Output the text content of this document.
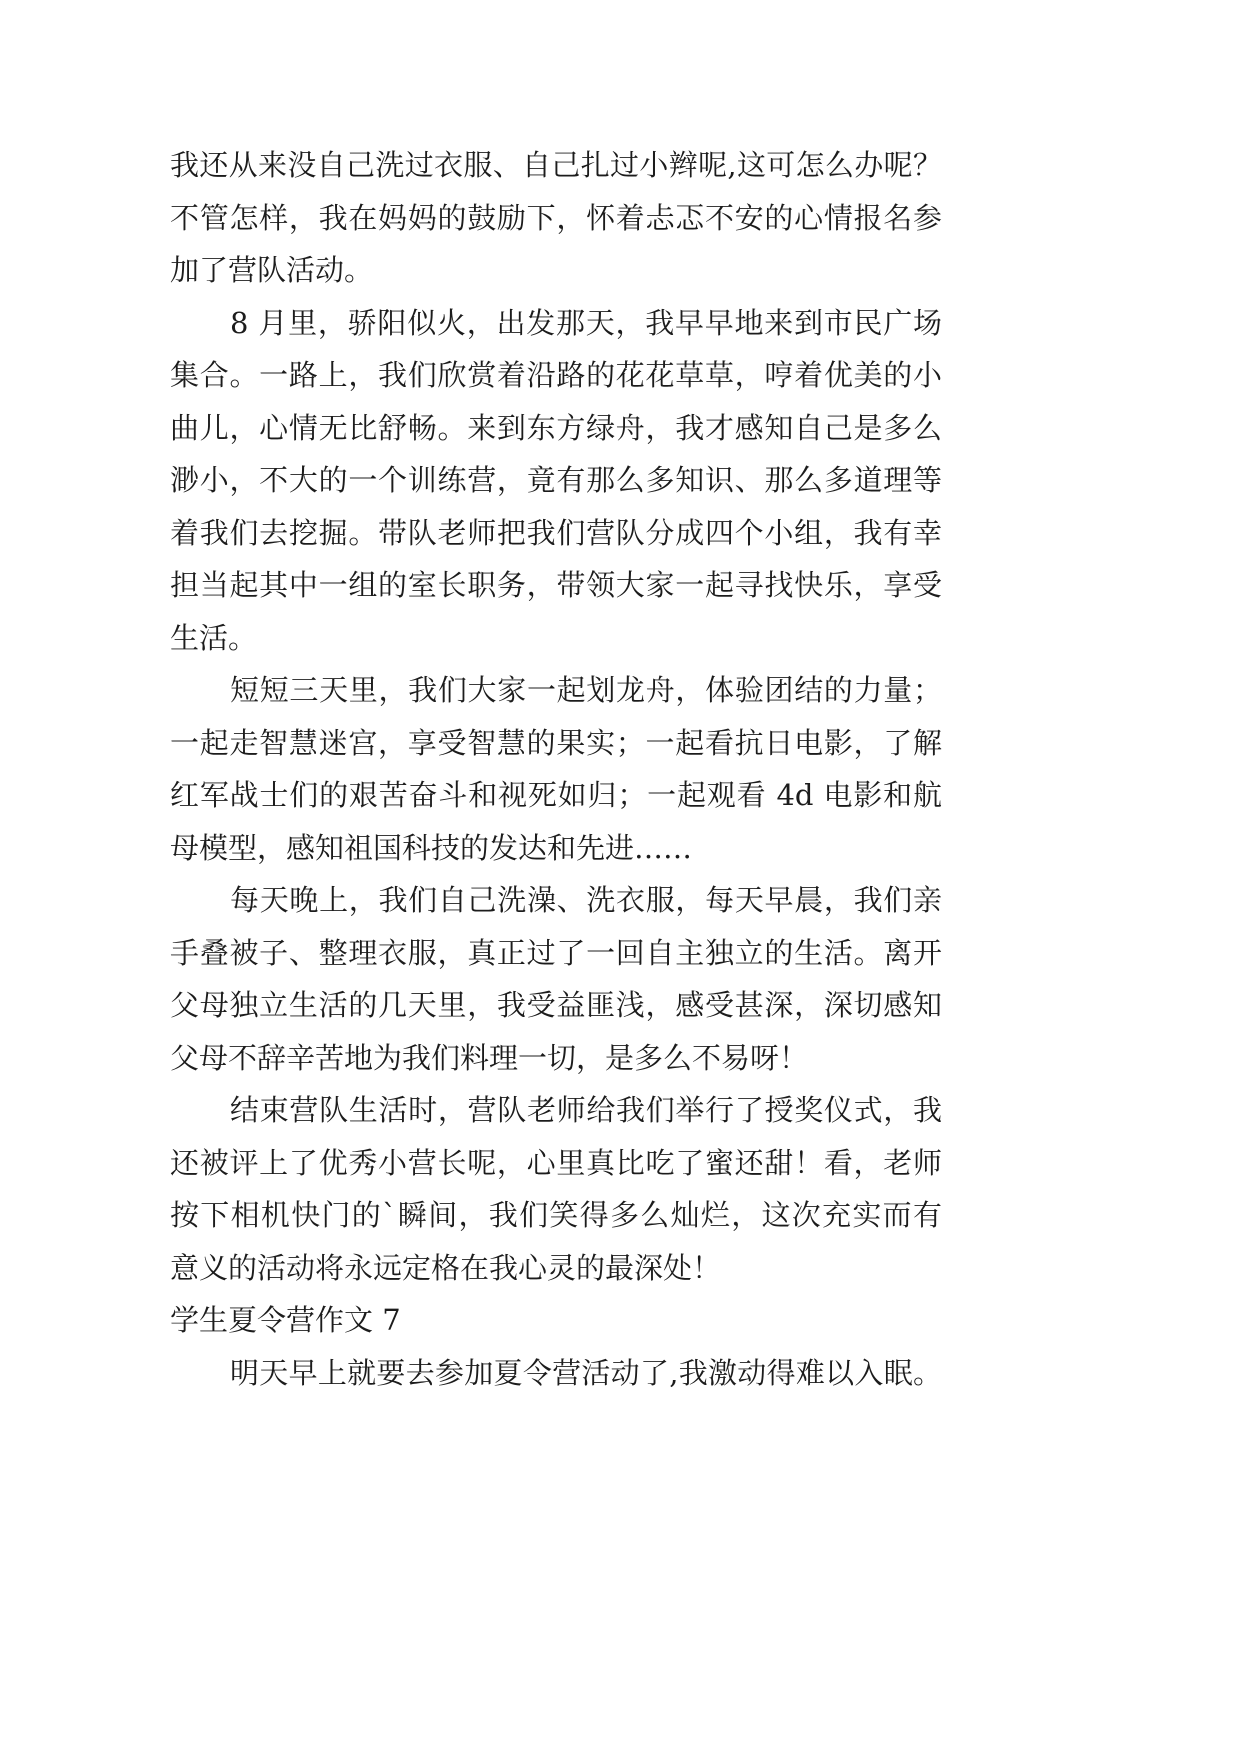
我还从来没自己洗过衣服、自己扎过小辫呢,这可怎么办呢？
不管怎样，我在妈妈的鼓励下，怀着忐忑不安的心情报名参
加了营队活动。
8 月里，骄阳似火，出发那天，我早早地来到市民广场
集合。一路上，我们欣赏着沿路的花花草草，哼着优美的小
曲儿，心情无比舒畅。来到东方绿舟，我才感知自己是多么
渺小，不大的一个训练营，竟有那么多知识、那么多道理等
着我们去挖掘。带队老师把我们营队分成四个小组，我有幸
担当起其中一组的室长职务，带领大家一起寻找快乐，享受
生活。
短短三天里，我们大家一起划龙舟，体验团结的力量；
一起走智慧迷宫，享受智慧的果实；一起看抗日电影，了解
红军战士们的艰苦奋斗和视死如归；一起观看 4d 电影和航
母模型，感知祖国科技的发达和先进……
每天晚上，我们自己洗澡、洗衣服，每天早晨，我们亲
手叠被子、整理衣服，真正过了一回自主独立的生活。离开
父母独立生活的几天里，我受益匪浅，感受甚深，深切感知
父母不辞辛苦地为我们料理一切，是多么不易呀！
结束营队生活时，营队老师给我们举行了授奖仪式，我
还被评上了优秀小营长呢，心里真比吃了蜜还甜！看，老师
按下相机快门的`瞬间，我们笑得多么灿烂，这次充实而有
意义的活动将永远定格在我心灵的最深处！
学生夏令营作文 7
明天早上就要去参加夏令营活动了,我激动得难以入眠。
